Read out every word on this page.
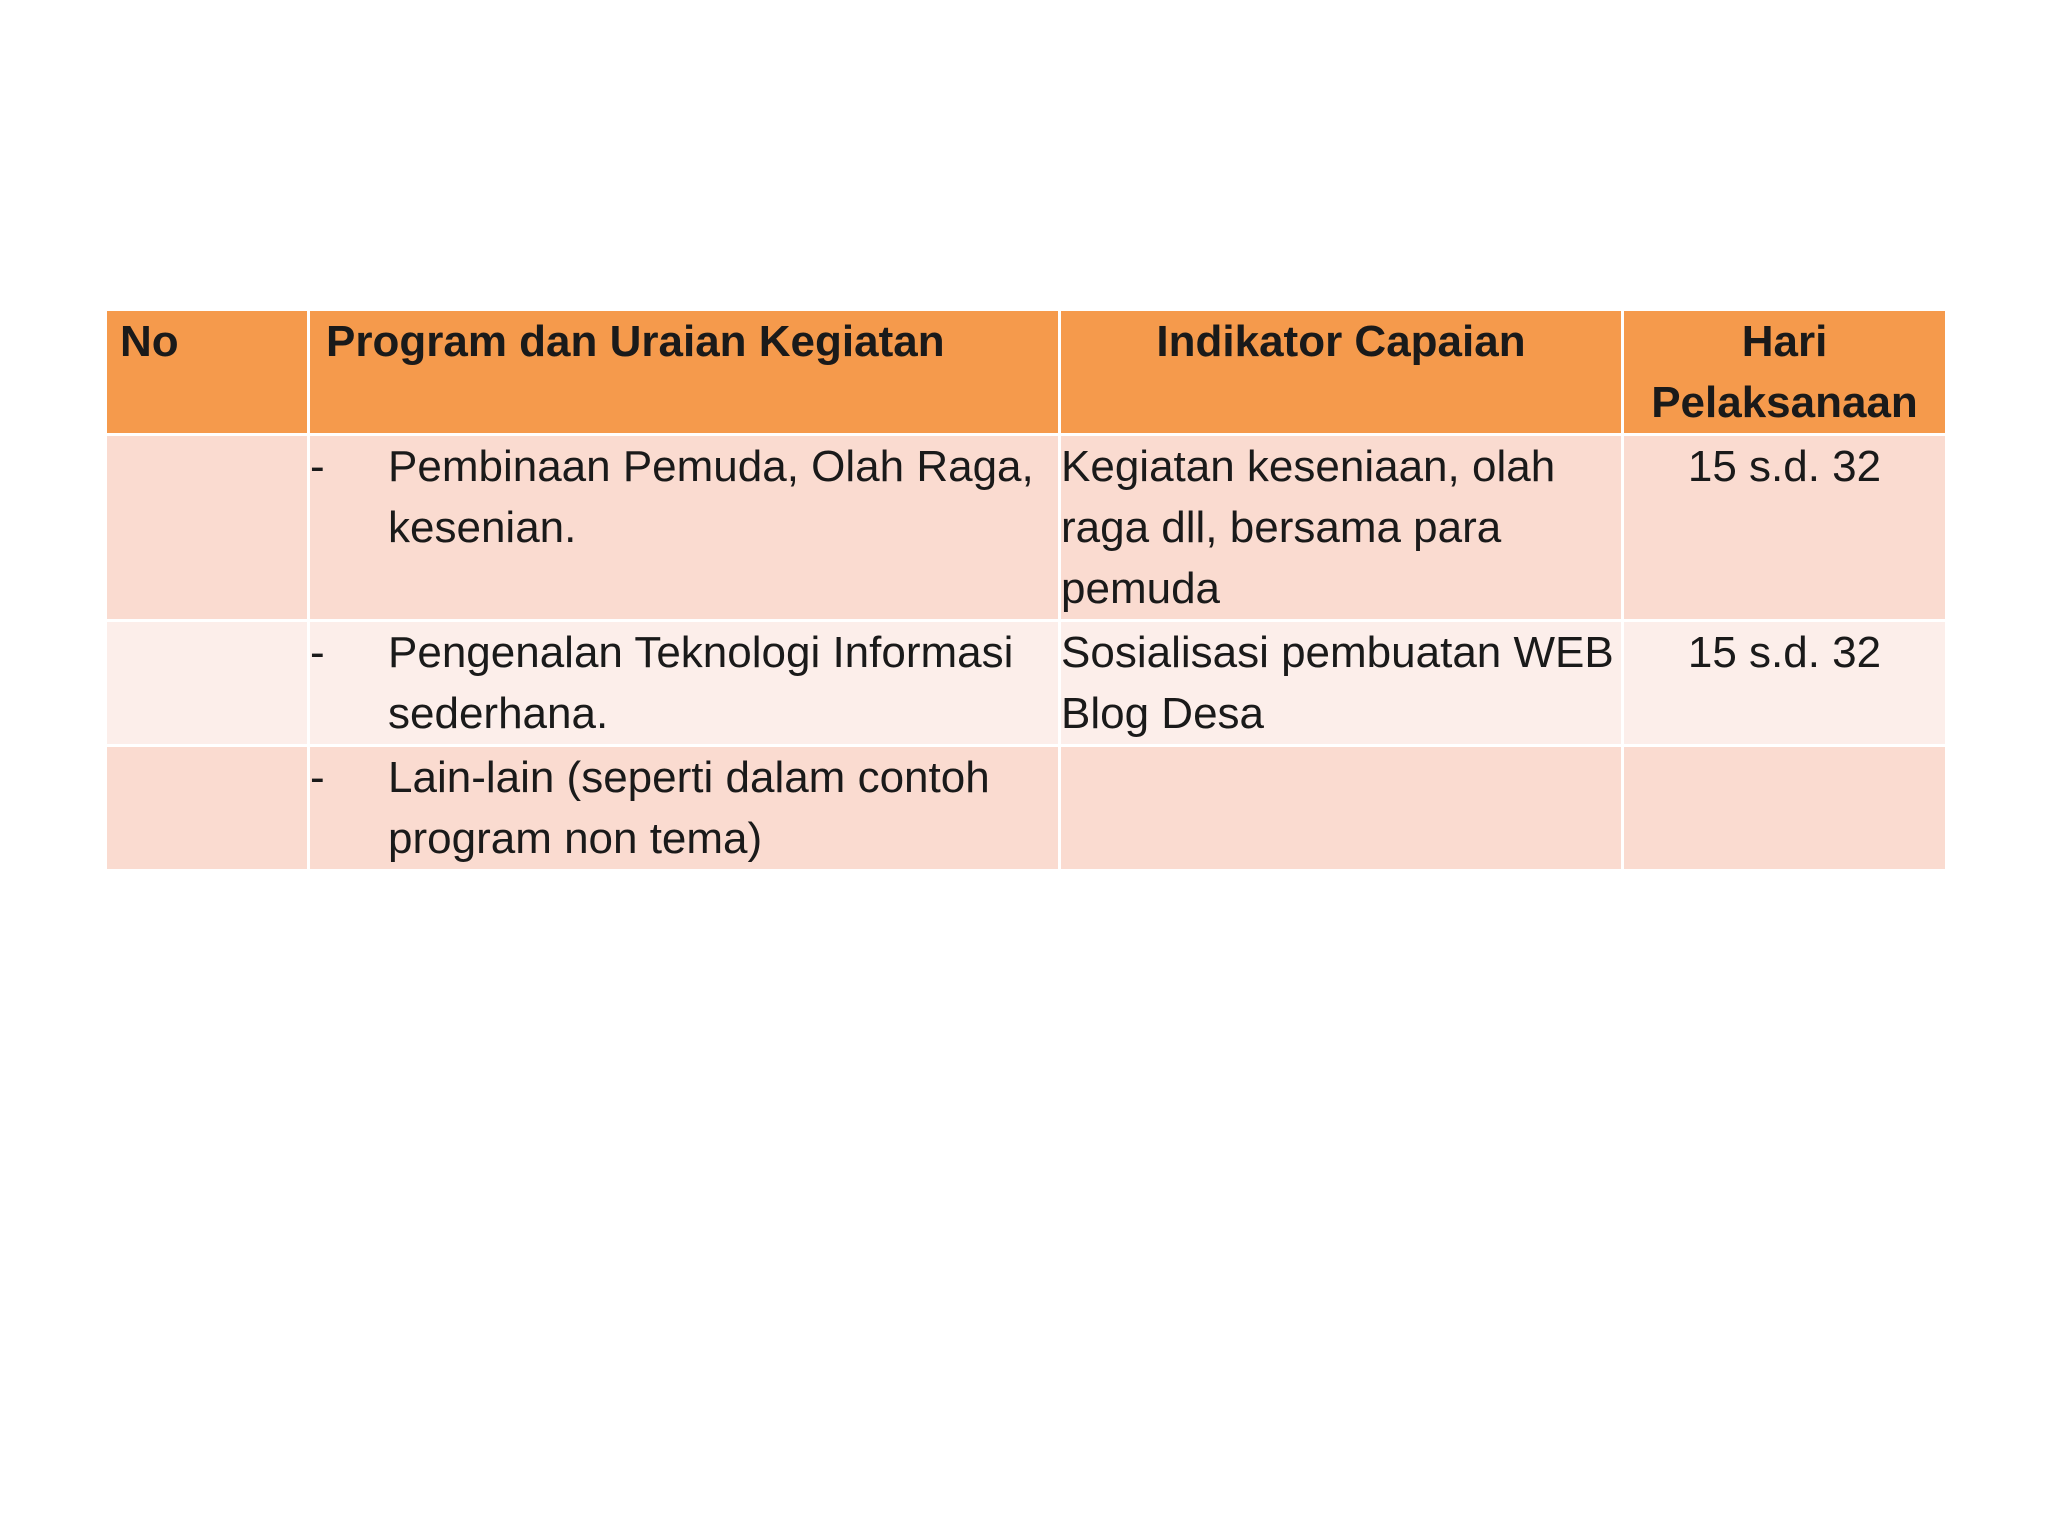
No	Program dan Uraian Kegiatan	Indikator Capaian	Hari Pelaksanaan

	- Pembinaan Pemuda, Olah Raga, kesenian.	Kegiatan keseniaan, olah raga dll, bersama para pemuda	15 s.d. 32

	- Pengenalan Teknologi Informasi sederhana.	Sosialisasi pembuatan WEB Blog Desa	15 s.d. 32

	- Lain-lain (seperti dalam contoh program non tema)		
